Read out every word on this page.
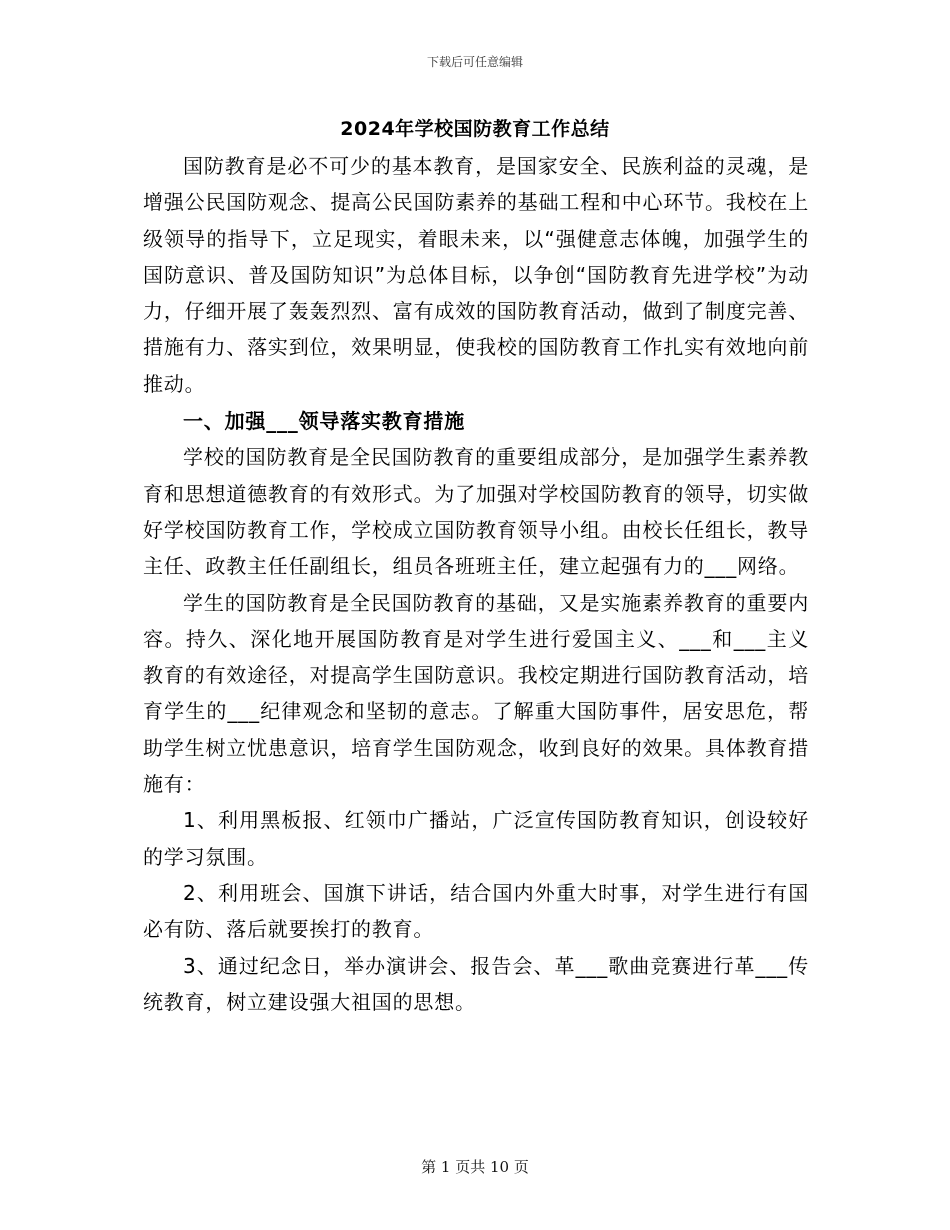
下载后可任意编辑
2024年学校国防教育工作总结

国防教育是必不可少的基本教育，是国家安全、民族利益的灵魂，是增强公民国防观念、提高公民国防素养的基础工程和中心环节。我校在上级领导的指导下，立足现实，着眼未来，以“强健意志体魄，加强学生的国防意识、普及国防知识”为总体目标，以争创“国防教育先进学校”为动力，仔细开展了轰轰烈烈、富有成效的国防教育活动，做到了制度完善、措施有力、落实到位，效果明显，使我校的国防教育工作扎实有效地向前推动。

一、加强___领导落实教育措施

学校的国防教育是全民国防教育的重要组成部分，是加强学生素养教育和思想道德教育的有效形式。为了加强对学校国防教育的领导，切实做好学校国防教育工作，学校成立国防教育领导小组。由校长任组长，教导主任、政教主任任副组长，组员各班班主任，建立起强有力的___网络。

学生的国防教育是全民国防教育的基础，又是实施素养教育的重要内容。持久、深化地开展国防教育是对学生进行爱国主义、___和___主义教育的有效途径，对提高学生国防意识。我校定期进行国防教育活动，培育学生的___纪律观念和坚韧的意志。了解重大国防事件，居安思危，帮助学生树立忧患意识，培育学生国防观念，收到良好的效果。具体教育措施有：

1、利用黑板报、红领巾广播站，广泛宣传国防教育知识，创设较好的学习氛围。

2、利用班会、国旗下讲话，结合国内外重大时事，对学生进行有国必有防、落后就要挨打的教育。

3、通过纪念日，举办演讲会、报告会、革___歌曲竞赛进行革___传统教育，树立建设强大祖国的思想。

第 1 页共 10 页
